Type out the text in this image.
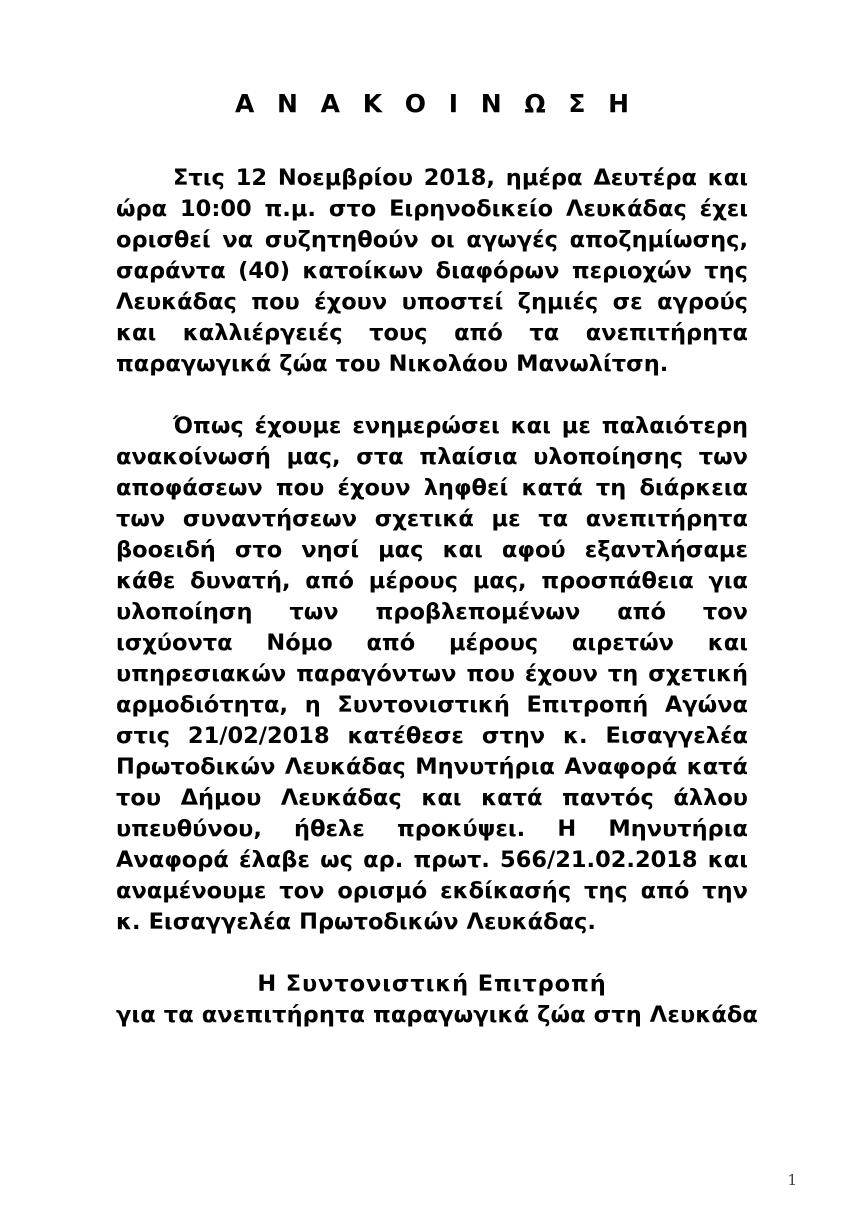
Α Ν Α Κ Ο Ι Ν Ω Σ Η

Στις 12 Νοεμβρίου 2018, ημέρα Δευτέρα και ώρα 10:00 π.μ. στο Ειρηνοδικείο Λευκάδας έχει ορισθεί να συζητηθούν οι αγωγές αποζημίωσης, σαράντα (40) κατοίκων διαφόρων περιοχών της Λευκάδας που έχουν υποστεί ζημιές σε αγρούς και καλλιέργειές τους από τα ανεπιτήρητα παραγωγικά ζώα του Νικολάου Μανωλίτση.

Όπως έχουμε ενημερώσει και με παλαιότερη ανακοίνωσή μας, στα πλαίσια υλοποίησης των αποφάσεων που έχουν ληφθεί κατά τη διάρκεια των συναντήσεων σχετικά με τα ανεπιτήρητα βοοειδή στο νησί μας και αφού εξαντλήσαμε κάθε δυνατή, από μέρους μας, προσπάθεια για υλοποίηση των προβλεπομένων από τον ισχύοντα Νόμο από μέρους αιρετών και υπηρεσιακών παραγόντων που έχουν τη σχετική αρμοδιότητα, η Συντονιστική Επιτροπή Αγώνα στις 21/02/2018 κατέθεσε στην κ. Εισαγγελέα Πρωτοδικών Λευκάδας Μηνυτήρια Αναφορά κατά του Δήμου Λευκάδας και κατά παντός άλλου υπευθύνου, ήθελε προκύψει. Η Μηνυτήρια Αναφορά έλαβε ως αρ. πρωτ. 566/21.02.2018 και αναμένουμε τον ορισμό εκδίκασής της από την κ. Εισαγγελέα Πρωτοδικών Λευκάδας.

Η Συντονιστική Επιτροπή

για τα ανεπιτήρητα παραγωγικά ζώα στη Λευκάδα

1
